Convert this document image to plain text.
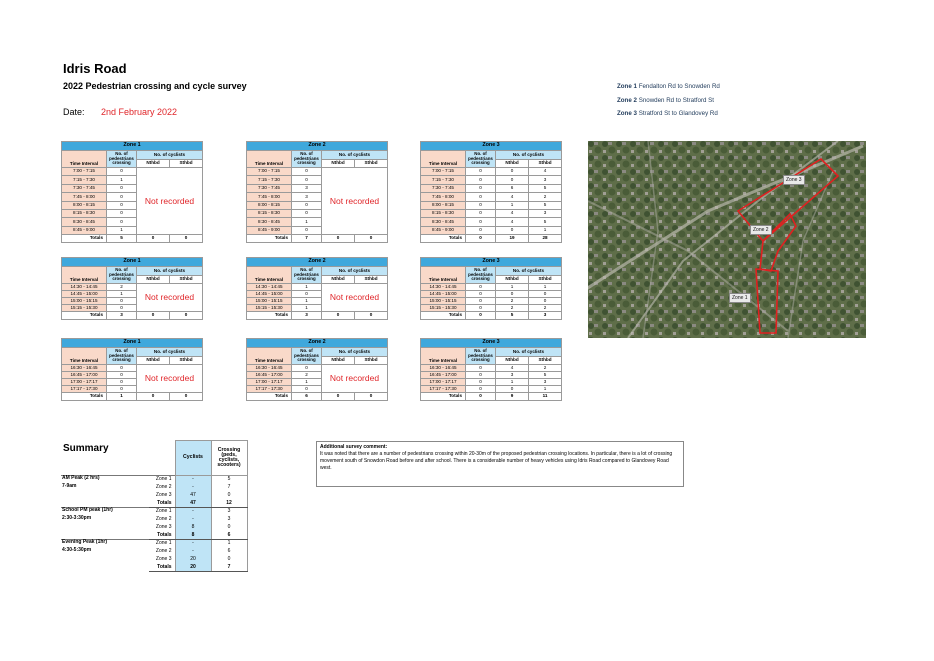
Idris Road
2022 Pedestrian crossing and cycle survey
Date: 2nd February 2022
Zone 1 Fendalton Rd to Snowden Rd
Zone 2 Snowden Rd to Stratford St
Zone 3 Stratford St to Glandovey Rd
Zone 1			
Time Interval	No. of pedestrians crossing	No. of cyclists	
		Nthbd	Sthbd
7:00 - 7:15	0	Not recorded	
7:15 - 7:30	1		
7:30 - 7:45	0		
7:45 - 8:00	0		
8:00 - 8:15	0		
8:15 - 8:30	0		
8:30 - 8:45	0		
8:45 - 9:00	1		
Totals	5	0	0
Zone 2			
Time Interval	No. of pedestrians crossing	No. of cyclists	
		Nthbd	Sthbd
7:00 - 7:15	0	Not recorded	
7:15 - 7:30	0		
7:30 - 7:45	3		
7:45 - 8:00	3		
8:00 - 8:15	0		
8:15 - 8:30	0		
8:30 - 8:45	1		
8:45 - 9:00	0		
Totals	7	0	0
Zone 3			
Time Interval	No. of pedestrians crossing	No. of cyclists	
		Nthbd	Sthbd
7:00 - 7:15	0	0	4
7:15 - 7:30	0	0	3
7:30 - 7:45	0	6	5
7:45 - 8:00	0	4	2
8:00 - 8:15	0	1	5
8:15 - 8:30	0	4	3
8:30 - 8:45	0	4	5
8:45 - 9:00	0	0	1
Totals	0	19	28
Zone 1			
Time Interval	No. of pedestrians crossing	No. of cyclists	
		Nthbd	Sthbd
14:30 - 14:45	2	Not recorded	
14:45 - 15:00	1		
15:00 - 15:15	0		
15:15 - 15:30	0		
Totals	3	0	0
Zone 2			
Time Interval	No. of pedestrians crossing	No. of cyclists	
		Nthbd	Sthbd
14:30 - 14:45	1	Not recorded	
14:45 - 15:00	0		
15:00 - 15:15	1		
15:15 - 15:30	1		
Totals	3	0	0
Zone 3			
Time Interval	No. of pedestrians crossing	No. of cyclists	
		Nthbd	Sthbd
14:30 - 14:45	0	1	1
14:45 - 15:00	0	0	0
15:00 - 15:15	0	2	0
15:15 - 15:30	0	2	2
Totals	0	5	3
Zone 1			
Time Interval	No. of pedestrians crossing	No. of cyclists	
		Nthbd	Sthbd
16:30 - 16:45	0	Not recorded	
16:45 - 17:00	0		
17:00 - 17:17	0		
17:17 - 17:30	0		
Totals	1	0	0
Zone 2			
Time Interval	No. of pedestrians crossing	No. of cyclists	
		Nthbd	Sthbd
16:30 - 16:45	0	Not recorded	
16:45 - 17:00	2		
17:00 - 17:17	1		
17:17 - 17:30	0		
Totals	6	0	0
Zone 3			
Time Interval	No. of pedestrians crossing	No. of cyclists	
		Nthbd	Sthbd
16:30 - 16:45	0	4	2
16:45 - 17:00	0	3	5
17:00 - 17:17	0	1	3
17:17 - 17:30	0	0	1
Totals	0	9	11
Summary
		Cyclists	Crossing (peds, cyclists, scooters)
AM Peak (2 hrs)	Zone 1	-	5
7-9am	Zone 2	-	7
	Zone 3	47	0
	Totals	47	12
School PM peak (1hr)	Zone 1	-	3
2:30-3:30pm	Zone 2	-	3
	Zone 3	8	0
	Totals	8	6
Evening Peak (1hr)	Zone 1	-	1
4:30-5:30pm	Zone 2	-	6
	Zone 3	20	0
	Totals	20	7
Additional survey comment:
It was noted that there are a number of pedestrians crossing within 20-30m of the proposed pedestrian crossing locations. In particular, there is a lot of crossing movement south of Snowdon Road before and after school. There is a considerable number of heavy vehicles using Idris Road compared to Glandovey Road west.
Zone 3
Zone 2
Zone 1
